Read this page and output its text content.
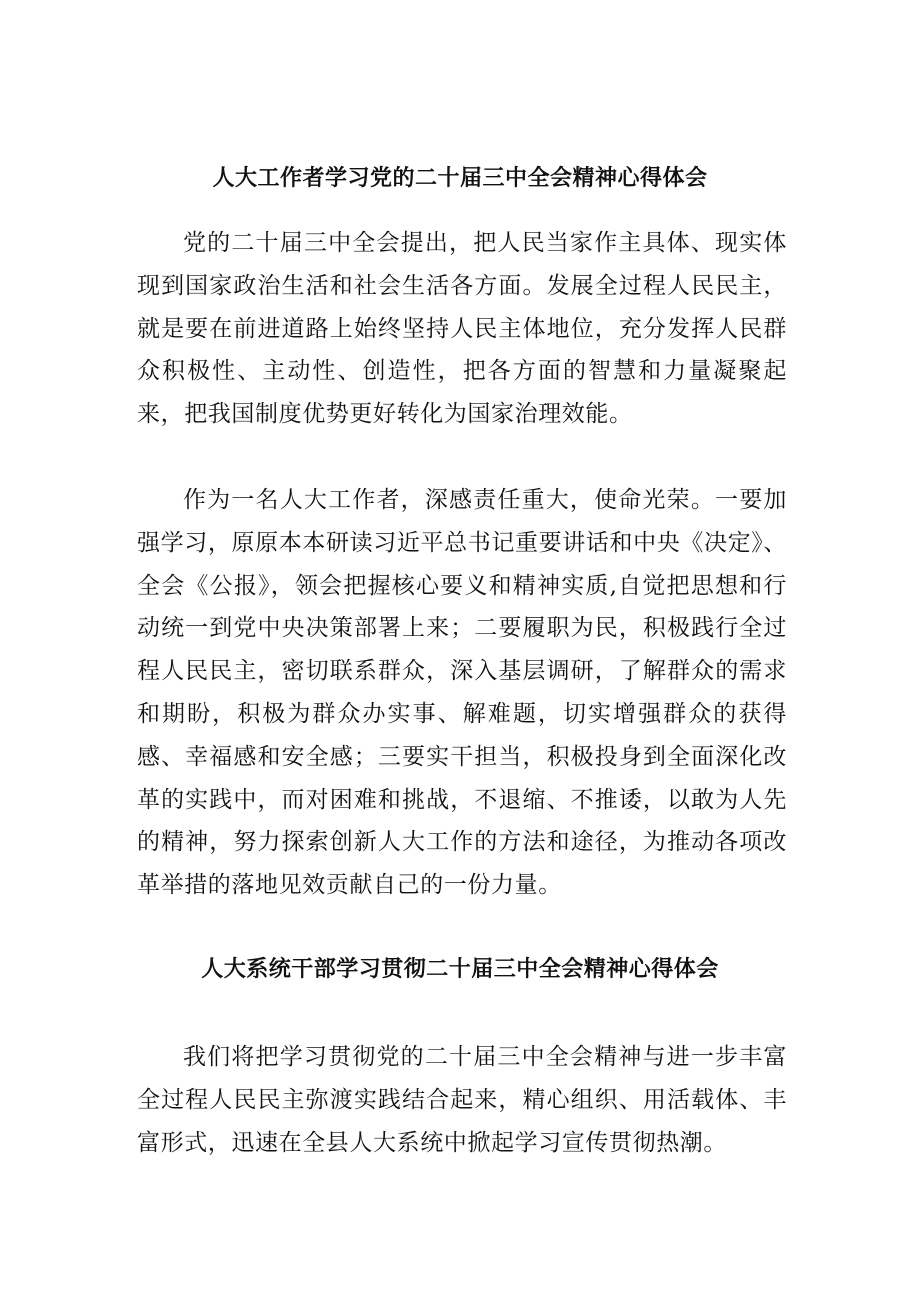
人大工作者学习党的二十届三中全会精神心得体会

党的二十届三中全会提出，把人民当家作主具体、现实体现到国家政治生活和社会生活各方面。发展全过程人民民主，就是要在前进道路上始终坚持人民主体地位，充分发挥人民群众积极性、主动性、创造性，把各方面的智慧和力量凝聚起来，把我国制度优势更好转化为国家治理效能。

作为一名人大工作者，深感责任重大，使命光荣。一要加强学习，原原本本研读习近平总书记重要讲话和中央《决定》、全会《公报》，领会把握核心要义和精神实质,自觉把思想和行动统一到党中央决策部署上来；二要履职为民，积极践行全过程人民民主，密切联系群众，深入基层调研，了解群众的需求和期盼，积极为群众办实事、解难题，切实增强群众的获得感、幸福感和安全感；三要实干担当，积极投身到全面深化改革的实践中，而对困难和挑战，不退缩、不推诿，以敢为人先的精神，努力探索创新人大工作的方法和途径，为推动各项改革举措的落地见效贡献自己的一份力量。

人大系统干部学习贯彻二十届三中全会精神心得体会

我们将把学习贯彻党的二十届三中全会精神与进一步丰富全过程人民民主弥渡实践结合起来，精心组织、用活载体、丰富形式，迅速在全县人大系统中掀起学习宣传贯彻热潮。
